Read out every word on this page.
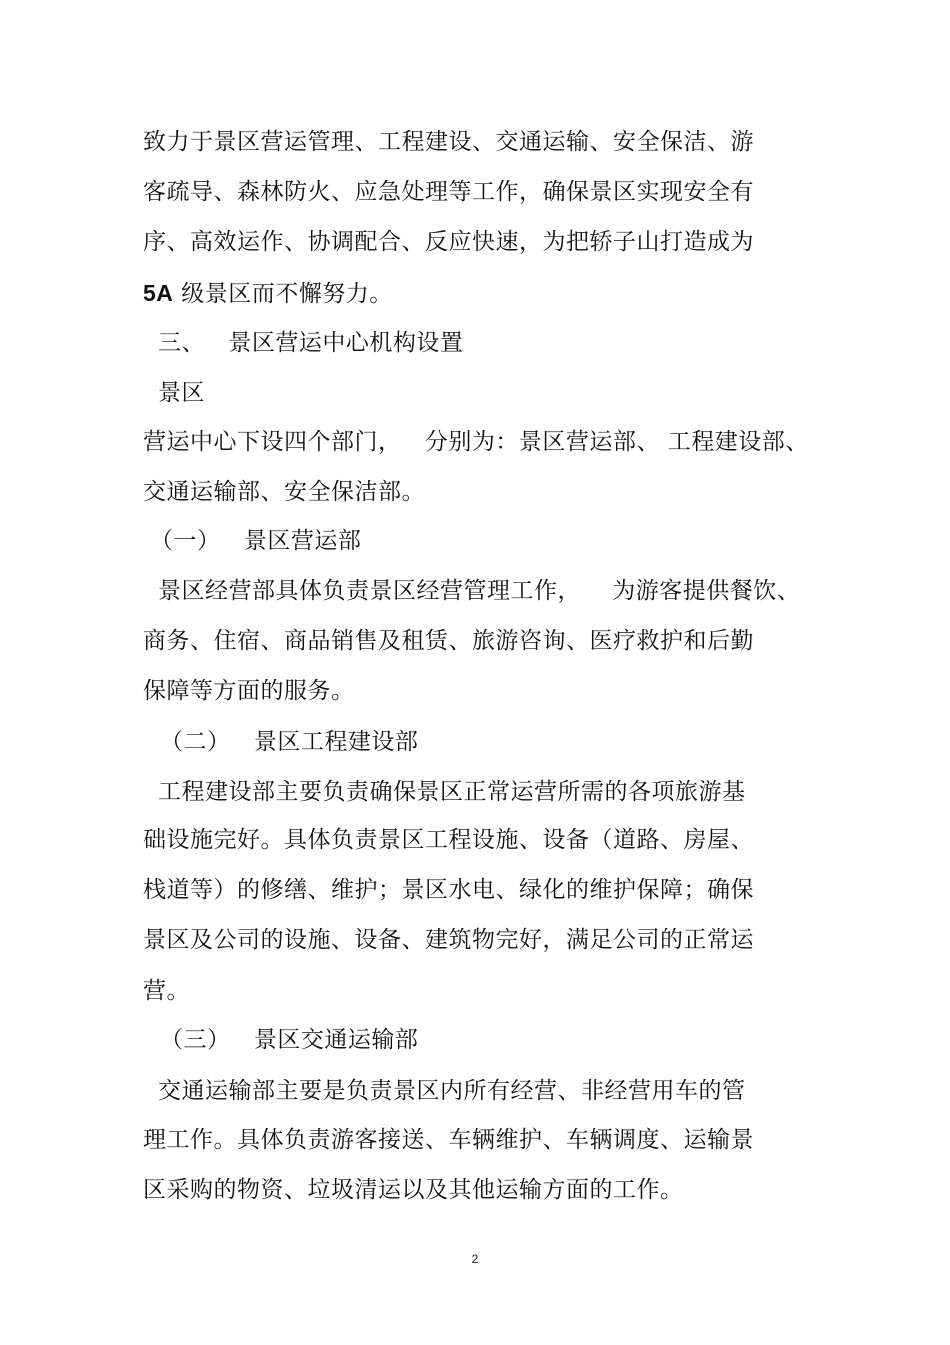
致力于景区营运管理、工程建设、交通运输、安全保洁、游
客疏导、森林防火、应急处理等工作，确保景区实现安全有
序、高效运作、协调配合、反应快速，为把轿子山打造成为
5A 级景区而不懈努力。
三、   景区营运中心机构设置
景区
营运中心下设四个部门，   分别为：景区营运部、 工程建设部、
交通运输部、安全保洁部。
（一）   景区营运部
景区经营部具体负责景区经营管理工作，    为游客提供餐饮、
商务、住宿、商品销售及租赁、旅游咨询、医疗救护和后勤
保障等方面的服务。
（二）   景区工程建设部
工程建设部主要负责确保景区正常运营所需的各项旅游基
础设施完好。具体负责景区工程设施、设备（道路、房屋、
栈道等）的修缮、维护；景区水电、绿化的维护保障；确保
景区及公司的设施、设备、建筑物完好，满足公司的正常运
营。
（三）   景区交通运输部
交通运输部主要是负责景区内所有经营、非经营用车的管
理工作。具体负责游客接送、车辆维护、车辆调度、运输景
区采购的物资、垃圾清运以及其他运输方面的工作。
2
